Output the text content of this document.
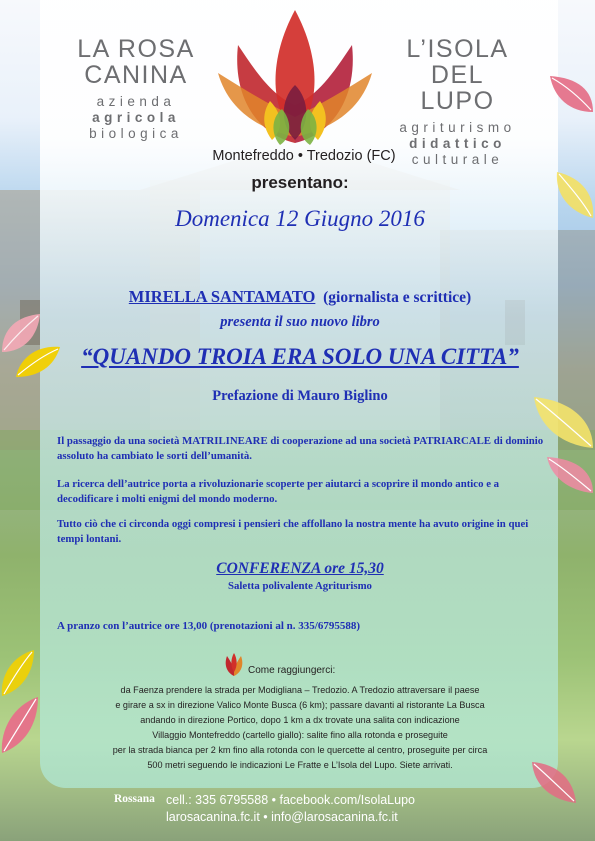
LA ROSA
CANINA
azienda
agricola
biologica
L’ISOLA
DEL LUPO
agriturismo
didattico
culturale
Montefreddo • Tredozio (FC)
presentano:
Domenica 12 Giugno 2016
MIRELLA SANTAMATO (giornalista e scrittice)
presenta il suo nuovo libro
“QUANDO TROIA ERA SOLO UNA CITTA”
Prefazione di Mauro Biglino
Il passaggio da una società MATRILINEARE di cooperazione ad una società PATRIARCALE di dominio assoluto ha cambiato le sorti dell’umanità.
La ricerca dell’autrice porta a rivoluzionarie scoperte per aiutarci a scoprire il mondo antico e a decodificare i molti enigmi del mondo moderno.
Tutto ciò che ci circonda oggi compresi i pensieri che affollano la nostra mente ha avuto origine in quei tempi lontani.
CONFERENZA ore 15,30
Saletta polivalente Agriturismo
A pranzo con l’autrice ore 13,00 (prenotazioni al n. 335/6795588)
Come raggiungerci:
da Faenza prendere la strada per Modigliana – Tredozio. A Tredozio attraversare il paese
e girare a sx in direzione Valico Monte Busca (6 km); passare davanti al ristorante La Busca
andando in direzione Portico, dopo 1 km a dx trovate una salita con indicazione
Villaggio Montefreddo (cartello giallo): salite fino alla rotonda e proseguite
per la strada bianca per 2 km fino alla rotonda con le quercette al centro, proseguite per circa
500 metri seguendo le indicazioni Le Fratte e L’Isola del Lupo. Siete arrivati.
Rossana cell.: 335 6795588 • facebook.com/IsolaLupo
larosacanina.fc.it • info@larosacanina.fc.it
